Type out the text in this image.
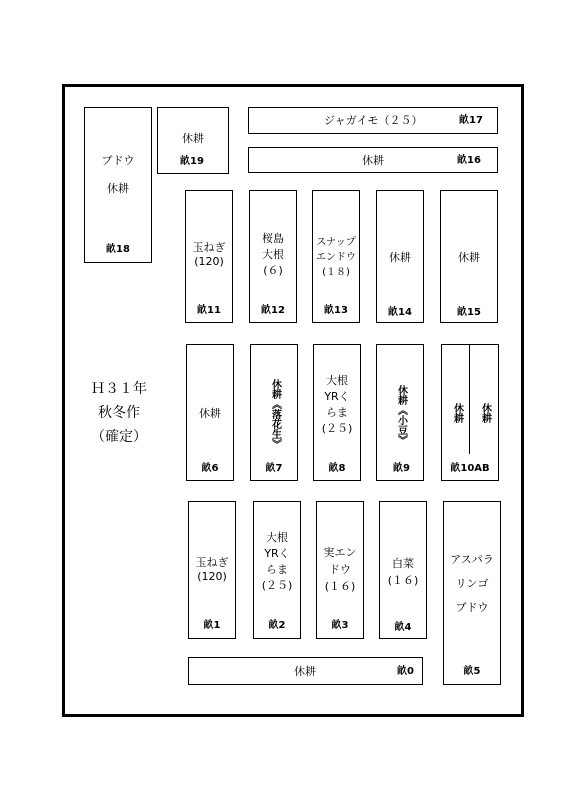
Ｈ３１年
秋冬作
（確定）
ブドウ

休耕
畝18
休耕
畝19
ジャガイモ（２５）	畝17
休耕	畝16
玉ねぎ
(120)
畝11
桜島
大根
(６)
畝12
スナップ
エンドウ
(１８)
畝13
休耕
畝14
休耕
畝15
休耕
畝6
休耕《落花生》
畝7
大根
YRく
らま
(２５)
畝8
休耕《小豆》
畝9
休耕 休耕
畝10AB
玉ねぎ
(120)
畝1
大根
YRく
らま
(２５)
畝2
実エン
ドウ
(１６)
畝3
白菜
(１６)
畝4
アスパラ

リンゴ

ブドウ
畝5
休耕	畝0
